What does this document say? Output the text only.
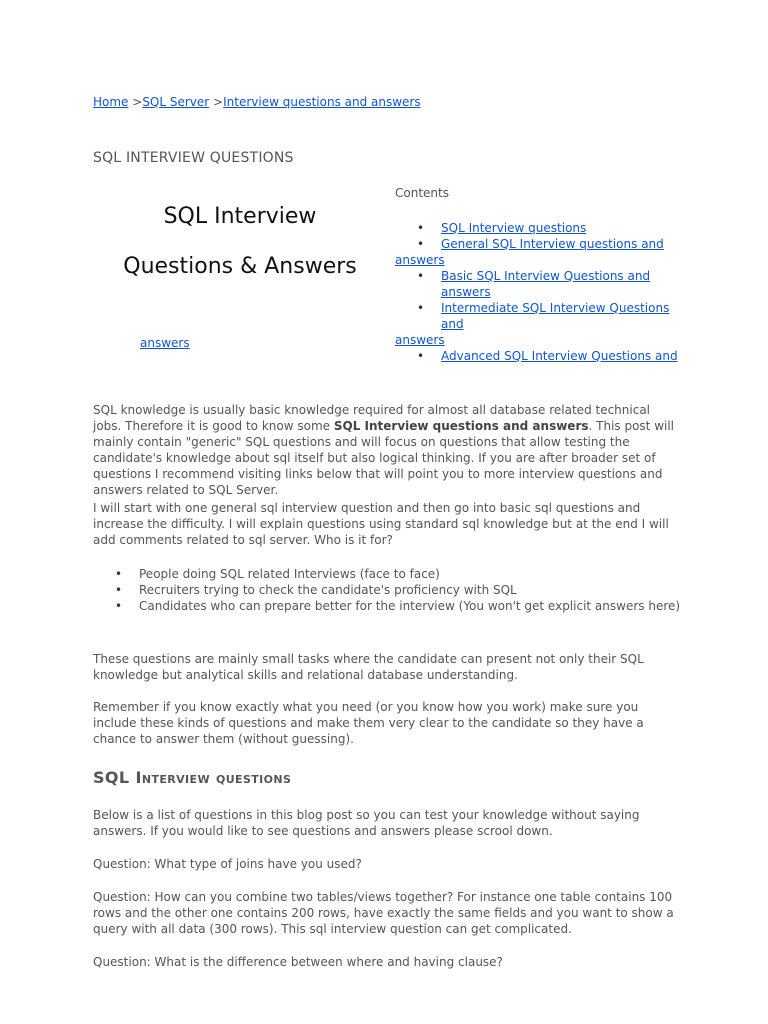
Home >SQL Server >Interview questions and answers
SQL INTERVIEW QUESTIONS
SQL Interview
Questions & Answers
Contents
• SQL Interview questions
• General SQL Interview questions and
answers
• Basic SQL Interview Questions and answers
• Intermediate SQL Interview Questions and
answers
• Advanced SQL Interview Questions and
answers
SQL knowledge is usually basic knowledge required for almost all database related technical jobs. Therefore it is good to know some SQL Interview questions and answers. This post will mainly contain "generic" SQL questions and will focus on questions that allow testing the candidate's knowledge about sql itself but also logical thinking. If you are after broader set of questions I recommend visiting links below that will point you to more interview questions and answers related to SQL Server.
I will start with one general sql interview question and then go into basic sql questions and increase the difficulty. I will explain questions using standard sql knowledge but at the end I will add comments related to sql server. Who is it for?
• People doing SQL related Interviews (face to face)
• Recruiters trying to check the candidate's proficiency with SQL
• Candidates who can prepare better for the interview (You won't get explicit answers here)
These questions are mainly small tasks where the candidate can present not only their SQL knowledge but analytical skills and relational database understanding.
Remember if you know exactly what you need (or you know how you work) make sure you include these kinds of questions and make them very clear to the candidate so they have a chance to answer them (without guessing).
SQL Interview questions
Below is a list of questions in this blog post so you can test your knowledge without saying answers. If you would like to see questions and answers please scrool down.
Question: What type of joins have you used?
Question: How can you combine two tables/views together? For instance one table contains 100 rows and the other one contains 200 rows, have exactly the same fields and you want to show a query with all data (300 rows). This sql interview question can get complicated.
Question: What is the difference between where and having clause?
